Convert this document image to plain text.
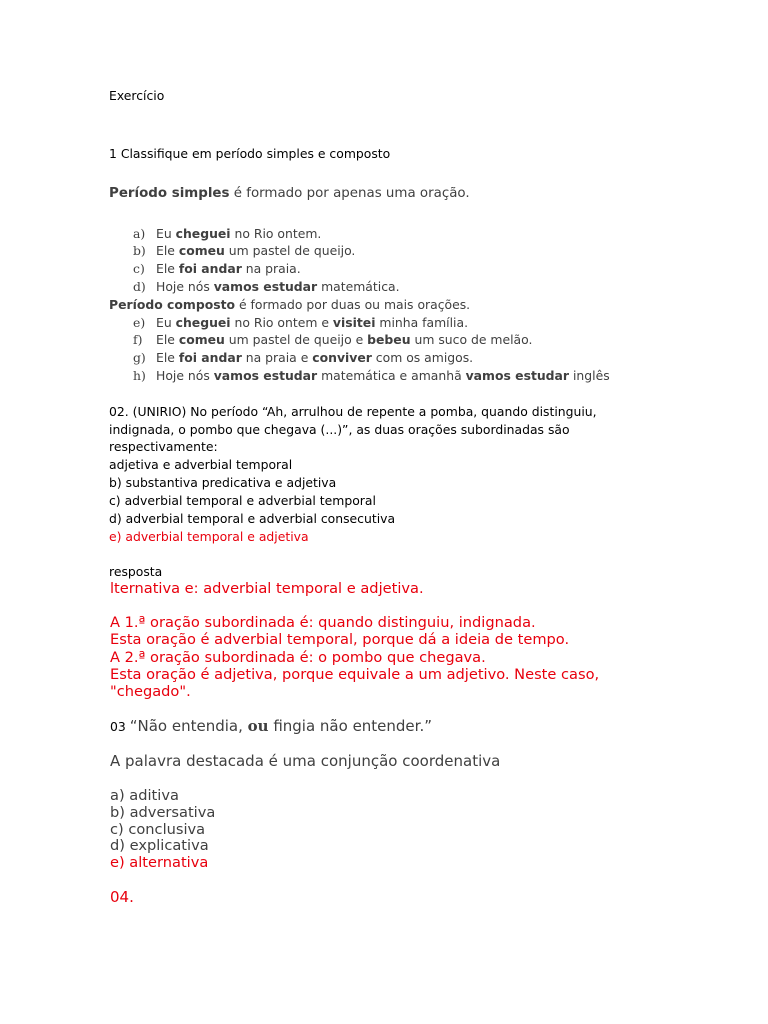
Exercício
1 Classifique em período simples e composto
Período simples é formado por apenas uma oração.
a) Eu cheguei no Rio ontem.
b) Ele comeu um pastel de queijo.
c) Ele foi andar na praia.
d) Hoje nós vamos estudar matemática.
Período composto é formado por duas ou mais orações.
e) Eu cheguei no Rio ontem e visitei minha família.
f) Ele comeu um pastel de queijo e bebeu um suco de melão.
g) Ele foi andar na praia e conviver com os amigos.
h) Hoje nós vamos estudar matemática e amanhã vamos estudar inglês
02. (UNIRIO) No período “Ah, arrulhou de repente a pomba, quando distinguiu,
indignada, o pombo que chegava (...)”, as duas orações subordinadas são
respectivamente:
adjetiva e adverbial temporal
b) substantiva predicativa e adjetiva
c) adverbial temporal e adverbial temporal
d) adverbial temporal e adverbial consecutiva
e) adverbial temporal e adjetiva
resposta
lternativa e: adverbial temporal e adjetiva.
A 1.ª oração subordinada é: quando distinguiu, indignada.
Esta oração é adverbial temporal, porque dá a ideia de tempo.
A 2.ª oração subordinada é: o pombo que chegava.
Esta oração é adjetiva, porque equivale a um adjetivo. Neste caso,
"chegado".
03 “Não entendia, ou fingia não entender.”
A palavra destacada é uma conjunção coordenativa
a) aditiva
b) adversativa
c) conclusiva
d) explicativa
e) alternativa
04.
